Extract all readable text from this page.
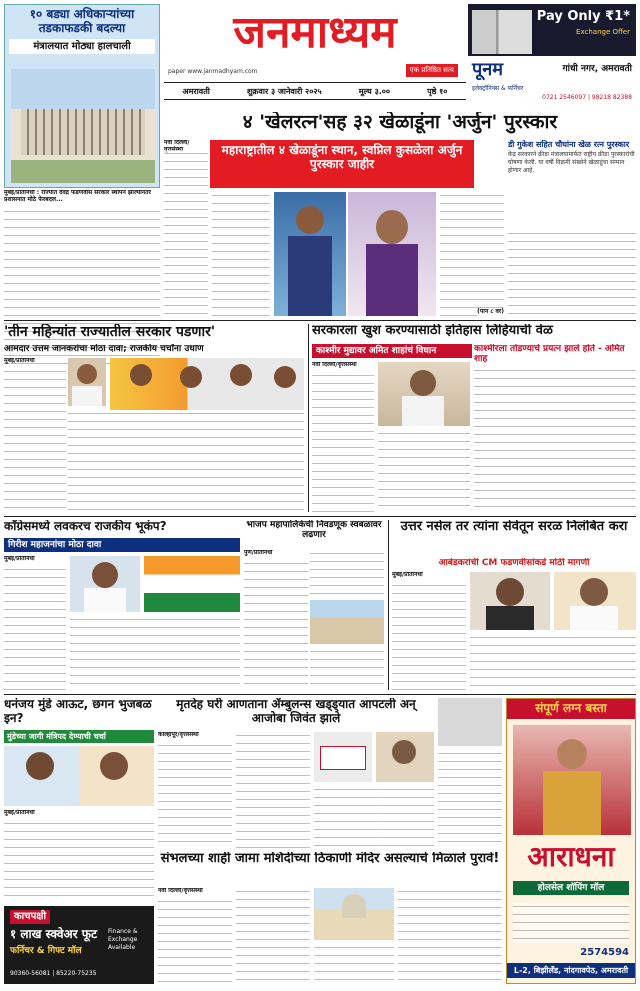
१० बड्या अधिकाऱ्यांच्या तडकाफडकी बदल्या
मंत्रालयात मोठ्या हालचाली
मुंबई/प्रतिनिधी : राज्यात देवेंद्र फडणवीस सरकार स्थापन झाल्यानंतर प्रशासनात मोठे फेरबदल...
जनमाध्यम
paper www.janmadhyam.com	एक प्रतिष्ठित सत्य
अमरावती	शुक्रवार ३ जानेवारी २०२५	मूल्य ३.००	पृष्ठे १०
Pay Only ₹1*
Exchange Offer
पूनम
इलेक्ट्रॉनिक्स & फर्निचर
गांधी नगर, अमरावती
0721 2546097 | 98218 82388
४ 'खेलरत्न'सह ३२ खेळाडूंना 'अर्जुन' पुरस्कार
महाराष्ट्रातील ४ खेळाडूंना स्थान, स्वप्निल कुसळेला अर्जुन पुरस्कार जाहीर
नवी दिल्ली/
(पान ८ वर)
डी गुकेश सहित चौघांना खेळ रत्न पुरस्कार
केंद्र सरकारने क्रीडा मंत्रालयामार्फत राष्ट्रीय क्रीडा पुरस्कारांची घोषणा केली. या वर्षी विक्रमी संख्येने खेळाडूंचा सन्मान होणार आहे.
'तीन महिन्यांत राज्यातील सरकार पडणार'
आमदार उत्तम जानकरांचा मोठा दावा; राजकीय चर्चांना उधाण
मुंबई/प्रतिनिधी
सरकारला खुश करण्यासाठी इतिहास लिहियाची वेळ
काश्मीर मुद्यावर अमित शाहांचं विधान
नवी दिल्ली/वृत्तसंस्था
काश्मीरला तोडण्याचे प्रयत्न झाले होते - अमित शाह
काँग्रेसमध्ये लवकरच राजकीय भूकंप?
गिरीश महाजनांचा मोठा दावा
मुंबई/प्रतिनिधी
भाजप महापालिकेची निवडणूक स्वबळावर लढणार
पुणे/प्रतिनिधी
उत्तर नसेल तर त्यांना सेवेतून सरळ निलंबित करा
आबेडकरांची CM फडणवीसांकडे मोठी मागणी
मुंबई/प्रतिनिधी
धनंजय मुंडे आऊट, छगन भुजबळ इन?
मुंडेच्या जागी मंत्रिपद देण्याची चर्चा
मुंबई/प्रतिनिधी
मृतदेह घरी आणताना ॲम्बुलन्स खड्ड्यात आपटली अन् आजोबा जिवंत झाले
कोल्हापूर/वृत्तसंस्था
संपूर्ण लग्न बस्ता
आराधना
होलसेल शॉपिंग मॉल
2574594
L-2, बिझीलँड, नांदगावपेठ, अमरावती
संभलच्या शाही जामा मशिदीच्या ठिकाणी मंदिर असल्याचे मिळाले पुरावे!
नवी दिल्ली/वृत्तसंस्था
काचपक्षी
१ लाख स्क्वेअर फूट
फर्निचर & गिफ्ट मॉल
Finance & Exchange Available
90360-56081 | 85220-75235
